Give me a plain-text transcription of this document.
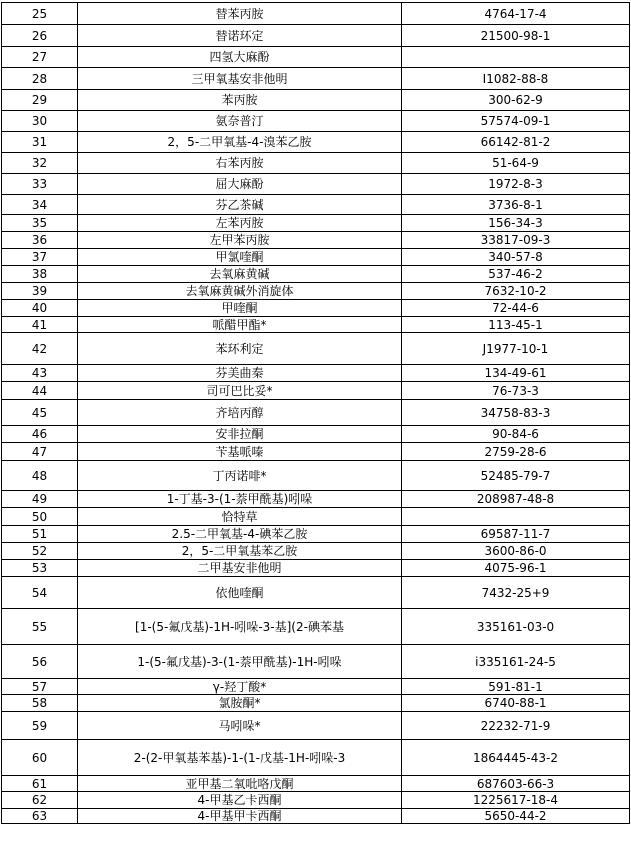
25	替苯丙胺	4764-17-4
26	替诺环定	21500-98-1
27	四氢大麻酚	
28	三甲氧基安非他明	I1082-88-8
29	苯丙胺	300-62-9
30	氨奈普汀	57574-09-1
31	2，5-二甲氧基-4-溴苯乙胺	66142-81-2
32	右苯丙胺	51-64-9
33	屈大麻酚	1972-8-3
34	芬乙茶碱	3736-8-1
35	左苯丙胺	156-34-3
36	左甲苯丙胺	33817-09-3
37	甲氯喹酮	340-57-8
38	去氧麻黄碱	537-46-2
39	去氧麻黄碱外消旋体	7632-10-2
40	甲喹酮	72-44-6
41	哌醋甲酯*	113-45-1
42	苯环利定	J1977-10-1
43	芬美曲秦	134-49-61
44	司可巴比妥*	76-73-3
45	齐培丙醇	34758-83-3
46	安非拉酮	90-84-6
47	苄基哌嗪	2759-28-6
48	丁丙诺啡*	52485-79-7
49	1-丁基-3-(1-萘甲酰基)吲哚	208987-48-8
50	恰特草	
51	2.5-二甲氧基-4-碘苯乙胺	69587-11-7
52	2，5-二甲氧基苯乙胺	3600-86-0
53	二甲基安非他明	4075-96-1
54	依他喹酮	7432-25+9
55	[1-(5-氟戊基)-1H-吲哚-3-基](2-碘苯基	335161-03-0
56	1-(5-氟戊基)-3-(1-萘甲酰基)-1H-吲哚	i335161-24-5
57	γ-羟丁酸*	591-81-1
58	氯胺酮*	6740-88-1
59	马吲哚*	22232-71-9
60	2-(2-甲氧基苯基)-1-(1-戊基-1H-吲哚-3	1864445-43-2
61	亚甲基二氧吡咯戊酮	687603-66-3
62	4-甲基乙卡西酮	1225617-18-4
63	4-甲基甲卡西酮	5650-44-2
